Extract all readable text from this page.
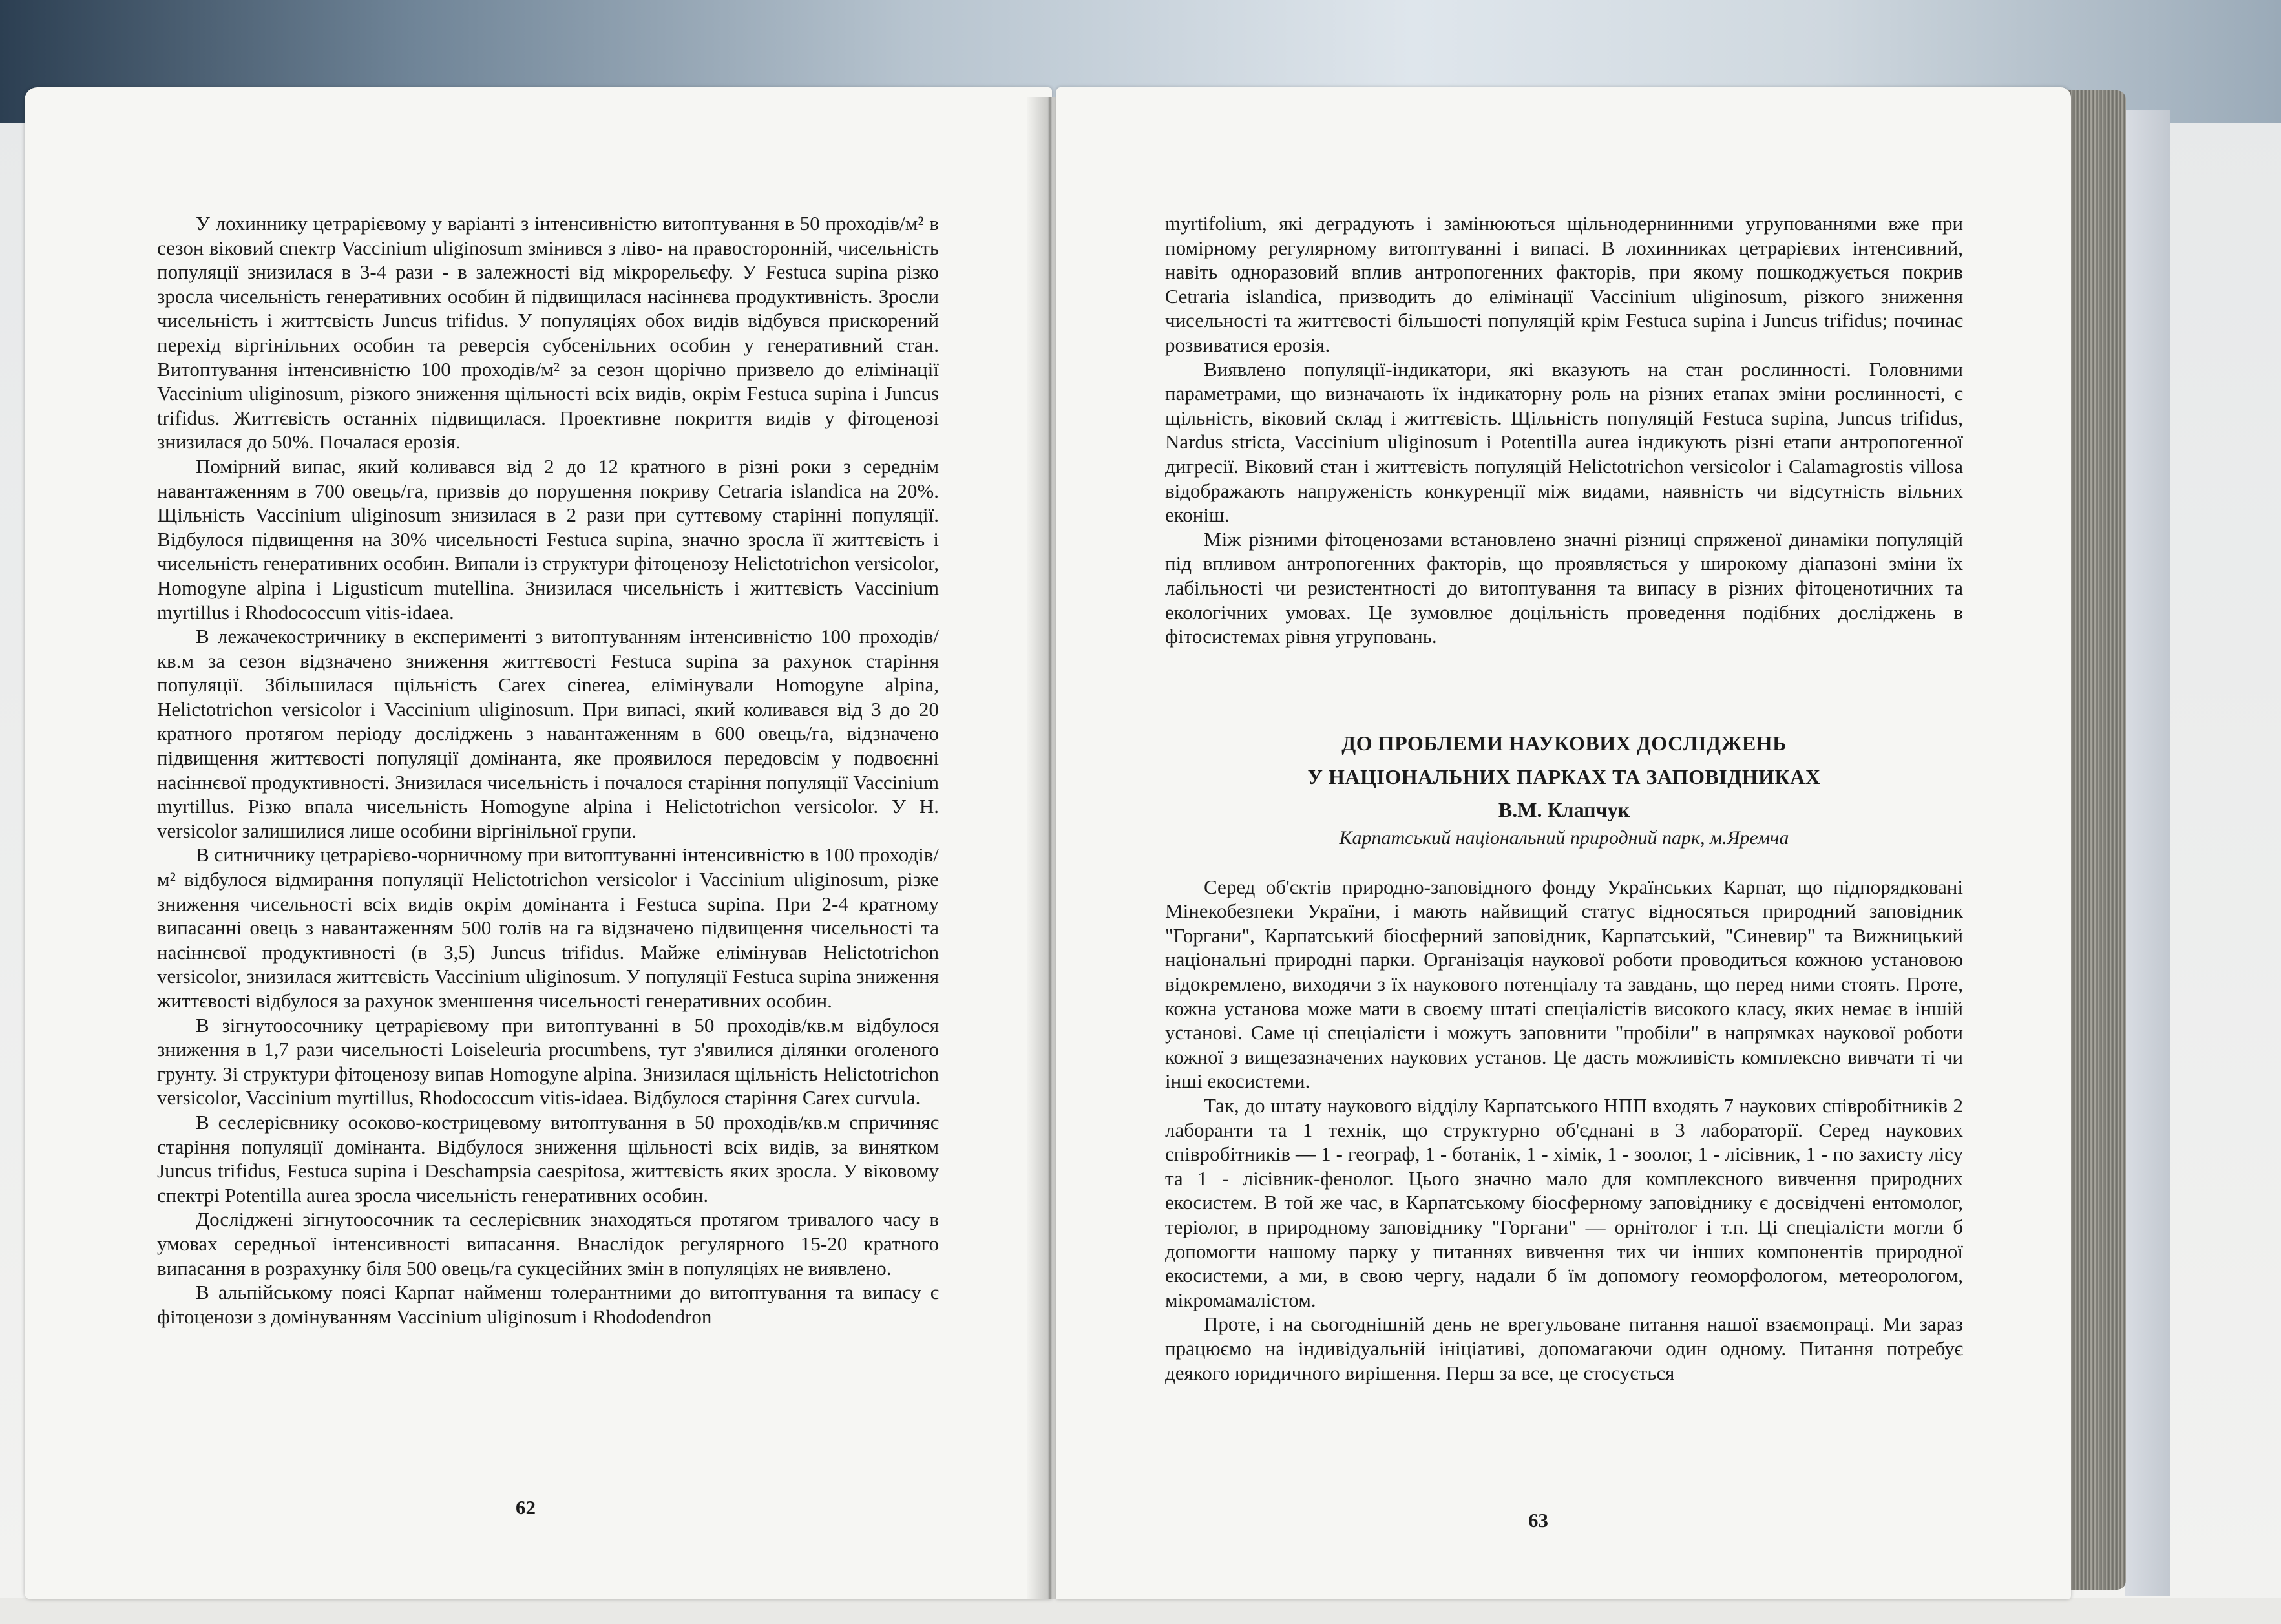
У лохиннику цетрарієвому у варіанті з інтенсивністю витоптування в 50 проходів/м² в сезон віковий спектр Vaccinium uliginosum змінився з ліво- на правосторонній, чисельність популяції знизилася в 3-4 рази - в залежності від мікрорельєфу. У Festuca supina різко зросла чисельність генеративних особин й підвищилася насіннєва продуктивність. Зросли чисельність і життєвість Juncus trifidus. У популяціях обох видів відбувся прискорений перехід віргінільних особин та реверсія субсенільних особин у генеративний стан. Витоптування інтенсивністю 100 проходів/м² за сезон щорічно призвело до елімінації Vaccinium uliginosum, різкого зниження щільності всіх видів, окрім Festuca supina і Juncus trifidus. Життєвість останніх підвищилася. Проективне покриття видів у фітоценозі знизилася до 50%. Почалася ерозія.

Помірний випас, який коливався від 2 до 12 кратного в різні роки з середнім навантаженням в 700 овець/га, призвів до порушення покриву Cetraria islandica на 20%. Щільність Vaccinium uliginosum знизилася в 2 рази при суттєвому старінні популяції. Відбулося підвищення на 30% чисельності Festuca supina, значно зросла її життєвість і чисельність генеративних особин. Випали із структури фітоценозу Helictotrichon versicolor, Homogyne alpina і Ligusticum mutellina. Знизилася чисельність і життєвість Vaccinium myrtillus і Rhodococcum vitis-idaea.

В лежачекостричнику в експерименті з витоптуванням інтенсивністю 100 проходів/кв.м за сезон відзначено зниження життєвості Festuca supina за рахунок старіння популяції. Збільшилася щільність Carex cinerea, елімінували Homogyne alpina, Helictotrichon versicolor і Vaccinium uliginosum. При випасі, який коливався від 3 до 20 кратного протягом періоду досліджень з навантаженням в 600 овець/га, відзначено підвищення життєвості популяції домінанта, яке проявилося передовсім у подвоєнні насіннєвої продуктивності. Знизилася чисельність і почалося старіння популяції Vaccinium myrtillus. Різко впала чисельність Homogyne alpina і Helictotrichon versicolor. У H. versicolor залишилися лише особини віргінільної групи.

В ситничнику цетрарієво-чорничному при витоптуванні інтенсивністю в 100 проходів/м² відбулося відмирання популяції Helictotrichon versicolor і Vaccinium uliginosum, різке зниження чисельності всіх видів окрім домінанта і Festuca supina. При 2-4 кратному випасанні овець з навантаженням 500 голів на га відзначено підвищення чисельності та насіннєвої продуктивності (в 3,5) Juncus trifidus. Майже елімінував Helictotrichon versicolor, знизилася життєвість Vaccinium uliginosum. У популяції Festuca supina зниження життєвості відбулося за рахунок зменшення чисельності генеративних особин.

В зігнутоосочнику цетрарієвому при витоптуванні в 50 проходів/кв.м відбулося зниження в 1,7 рази чисельності Loiseleuria procumbens, тут з'явилися ділянки оголеного грунту. Зі структури фітоценозу випав Homogyne alpina. Знизилася щільність Helictotrichon versicolor, Vaccinium myrtillus, Rhodococcum vitis-idaea. Відбулося старіння Carex curvula.

В сеслерієвнику осоково-кострицевому витоптування в 50 проходів/кв.м спричиняє старіння популяції домінанта. Відбулося зниження щільності всіх видів, за винятком Juncus trifidus, Festuca supina і Deschampsia caespitosa, життєвість яких зросла. У віковому спектрі Potentilla aurea зросла чисельність генеративних особин.

Досліджені зігнутоосочник та сеслерієвник знаходяться протягом тривалого часу в умовах середньої інтенсивності випасання. Внаслідок регулярного 15-20 кратного випасання в розрахунку біля 500 овець/га сукцесійних змін в популяціях не виявлено.

В альпійському поясі Карпат найменш толерантними до витоптування та випасу є фітоценози з домінуванням Vaccinium uliginosum і Rhododendron

62

myrtifolium, які деградують і замінюються щільнодернинними угрупованнями вже при помірному регулярному витоптуванні і випасі. В лохинниках цетрарієвих інтенсивний, навіть одноразовий вплив антропогенних факторів, при якому пошкоджується покрив Cetraria islandica, призводить до елімінації Vaccinium uliginosum, різкого зниження чисельності та життєвості більшості популяцій крім Festuca supina і Juncus trifidus; починає розвиватися ерозія.

Виявлено популяції-індикатори, які вказують на стан рослинності. Головними параметрами, що визначають їх індикаторну роль на різних етапах зміни рослинності, є щільність, віковий склад і життєвість. Щільність популяцій Festuca supina, Juncus trifidus, Nardus stricta, Vaccinium uliginosum і Potentilla aurea індикують різні етапи антропогенної дигресії. Віковий стан і життєвість популяцій Helictotrichon versicolor і Calamagrostis villosa відображають напруженість конкуренції між видами, наявність чи відсутність вільних еконіш.

Між різними фітоценозами встановлено значні різниці спряженої динаміки популяцій під впливом антропогенних факторів, що проявляється у широкому діапазоні зміни їх лабільності чи резистентності до витоптування та випасу в різних фітоценотичних та екологічних умовах. Це зумовлює доцільність проведення подібних досліджень в фітосистемах рівня угруповань.

ДО ПРОБЛЕМИ НАУКОВИХ ДОСЛІДЖЕНЬ
У НАЦІОНАЛЬНИХ ПАРКАХ ТА ЗАПОВІДНИКАХ
В.М. Клапчук
Карпатський національний природний парк, м.Яремча

Серед об'єктів природно-заповідного фонду Українських Карпат, що підпорядковані Мінекобезпеки України, і мають найвищий статус відносяться природний заповідник "Горгани", Карпатський біосферний заповідник, Карпатський, "Синевир" та Вижницький національні природні парки. Організація наукової роботи проводиться кожною установою відокремлено, виходячи з їх наукового потенціалу та завдань, що перед ними стоять. Проте, кожна установа може мати в своєму штаті спеціалістів високого класу, яких немає в іншій установі. Саме ці спеціалісти і можуть заповнити "пробіли" в напрямках наукової роботи кожної з вищезазначених наукових установ. Це дасть можливість комплексно вивчати ті чи інші екосистеми.

Так, до штату наукового відділу Карпатського НПП входять 7 наукових співробітників 2 лаборанти та 1 технік, що структурно об'єднані в 3 лабораторії. Серед наукових співробітників — 1 - географ, 1 - ботанік, 1 - хімік, 1 - зоолог, 1 - лісівник, 1 - по захисту лісу та 1 - лісівник-фенолог. Цього значно мало для комплексного вивчення природних екосистем. В той же час, в Карпатському біосферному заповіднику є досвідчені ентомолог, теріолог, в природному заповіднику "Горгани" — орнітолог і т.п. Ці спеціалісти могли б допомогти нашому парку у питаннях вивчення тих чи інших компонентів природної екосистеми, а ми, в свою чергу, надали б їм допомогу геоморфологом, метеорологом, мікромамалістом.

Проте, і на сьогоднішній день не врегульоване питання нашої взаємопраці. Ми зараз працюємо на індивідуальній ініціативі, допомагаючи один одному. Питання потребує деякого юридичного вирішення. Перш за все, це стосується

63
